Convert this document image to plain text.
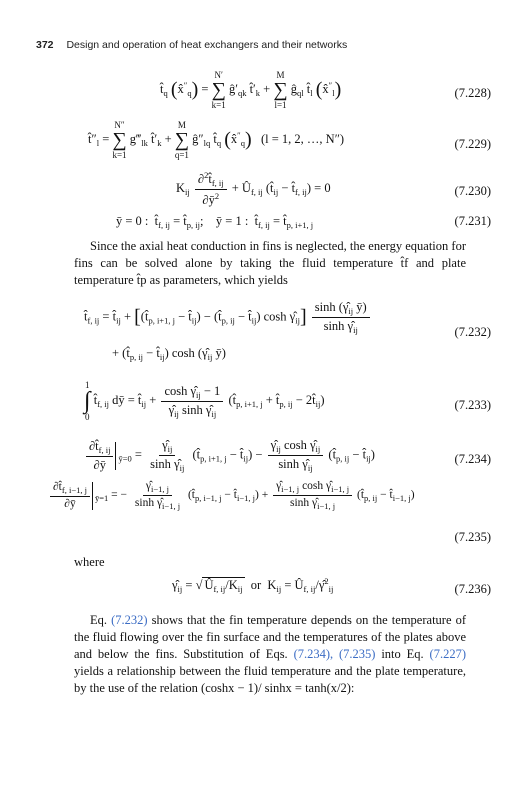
372 Design and operation of heat exchangers and their networks
$t̂_q$ $(x̂''_q)$ =
N′
∑
k=1
$ĝ'_{qk}$ $t̂'_k$ +
M
∑
l=1
$ĝ_{ql}$ $t̂_l$ $(x̂''_l)$	(7.228)
$t̂''_l$ =
N″
∑
k=1
$g‴_{lk}$ $t̂'_k$ +
M
∑
q=1
$ĝ''_{lq}$ $t̂_q$ $(x̂''_q) (l = 1$, 2, …, N″)	(7.229)
$K_{ij} \frac{\partial^2t̂_{f, ij}}{\partial ȳ^2}$ + $Û_{f, ij}$ ($t̂_{ij}$ − $t̂_{f, ij}) = 0$	(7.230)
ȳ = 0 :  $t̂_{f, ij}$ = $t̂_{p, ij}$;    ȳ = 1 :  $t̂_{f, ij}$ = $t̂_{p, i+1, j}$	(7.231)
Since the axial heat conduction in fins is neglected, the energy equation for fins can be solved alone by taking the fluid temperature t̂f and plate temperature t̂p as parameters, which yields
$t̂_{f, ij}$ = $t̂_{ij}$ + [($t̂_{p, i+1, j}$ − $t̂_{ij}$) − ($t̂_{p, ij}$ − $t̂_{ij}$) $\cosh \gammâ_{ij}] \frac{\sinh (\gammâ_{ij} ȳ)}{\sinh \gammâ_{ij}}$	(7.232)
+ ($t̂_{p, ij}$ − $t̂_{ij}$) $\cosh (\gammâ_{ij}$ ȳ)
1
∫
0
$t̂_{f, ij}$ dȳ = $t̂_{ij} + \frac{\cosh \gammâ_{ij} - 1}{\gammâ_{ij} \sinh \gammâ_{ij}}$ ($t̂_{p, i+1, j}$ + $t̂_{p, ij}$ − $2t̂_{ij}$)	(7.233)
$\frac{\partial t̂_{f, ij}}{\partial ȳ} _{ȳ=0} = \frac{\gammâ_{ij}}{\sinh \gammâ_{ij}}$ ($t̂_{p, i+1, j}$ − $t̂_{ij}) - \frac{\gammâ_{ij} \cosh \gammâ_{ij}}{\sinh \gammâ_{ij}}$ ($t̂_{p, ij}$ − $t̂_{ij}$)	(7.234)
$\frac{\partial t̂_{f, i-1, j}}{\partial ȳ} _{ȳ=1}$ = − $\frac{\gammâ_{i-1, j}}{\sinh \gammâ_{i-1, j}}$ ($t̂_{p, i-1, j}$ − $t̂_{i-1, j}) + \frac{\gammâ_{i-1, j} \cosh \gammâ_{i-1, j}}{\sinh \gammâ_{i-1, j}}$ ($t̂_{p, ij}$ − $t̂_{i-1, j}$)
(7.235)
where
$\gammâ_{ij}$ = √ $Û_{f, ij}/K_{ij}$  or  $K_{ij}$ = $Û_{f, ij}/\gammâ^2_{ij}$	(7.236)
Eq. (7.232) shows that the fin temperature depends on the temperature of the fluid flowing over the fin surface and the temperatures of the plates above and below the fins. Substitution of Eqs. (7.234), (7.235) into Eq. (7.227) yields a relationship between the fluid temperature and the plate temperature, by the use of the relation (coshx − 1)/ sinhx = tanh(x/2):
